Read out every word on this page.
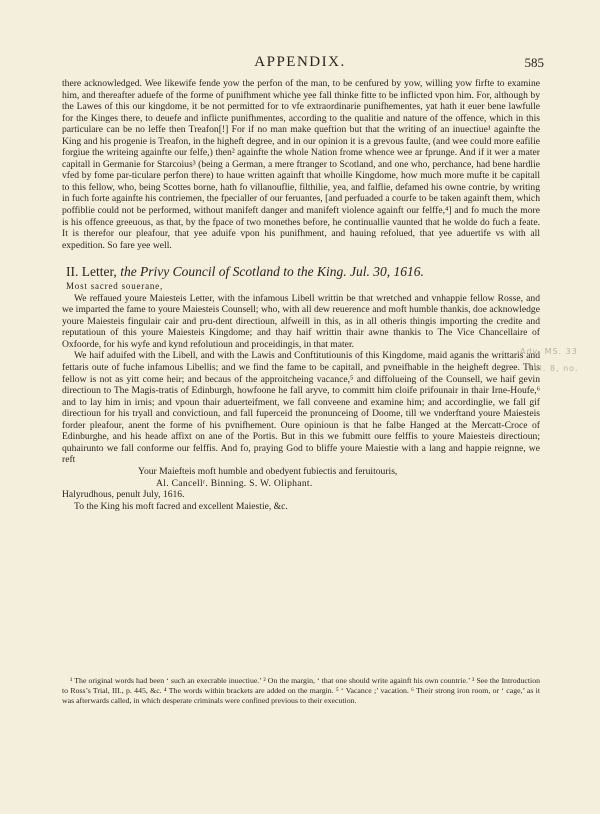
APPENDIX.	585

there acknowledged. Wee likewife fende yow the perfon of the man, to be cenfured by yow, willing yow firfte to examine him, and thereafter aduefe of the forme of punifhment whiche yee fall thinke fitte to be inflicted vpon him. For, although by the Lawes of this our kingdome, it be not permitted for to vfe extraordinarie punifhementes, yat hath it euer bene lawfulle for the Kinges there, to deuefe and inflicte punifhmentes, according to the qualitie and nature of the offence, which in this particulare can be no leffe then Treafon[!] For if no man make queftion but that the writing of an inuectiue¹ againfte the King and his progenie is Treafon, in the higheft degree, and in our opinion it is a grevous faulte, (and wee could more eafilie forgiue the writeing againfte our felfe,) then² againfte the whole Nation frome whence wee ar fprunge. And if it wer a mater capitall in Germanie for Starcoius³ (being a German, a mere ftranger to Scotland, and one who, perchance, had bene hardlie vfed by fome par-ticulare perfon there) to haue written againft that whoille Kingdome, how much more mufte it be capitall to this fellow, who, being Scottes borne, hath fo villanouflie, filthilie, yea, and falflie, defamed his owne contrie, by writing in fuch forte againfte his contriemen, the fpecialler of our feruantes, [and perfuaded a courfe to be taken againft them, which poffiblie could not be performed, without manifeft danger and manifeft violence againft our felffe,⁴] and fo much the more is his offence greeuous, as that, by the fpace of two monethes before, he continuallie vaunted that he wolde do fuch a feate. It is therefor our pleafour, that yee aduife vpon his punifhment, and hauing refolued, that yee aduertife vs with all expedition. So fare yee well.

II. Letter, the Privy Council of Scotland to the King. Jul. 30, 1616.

Most sacred souerane,

We reffaued youre Maiesteis Letter, with the infamous Libell writtin be that wretched and vnhappie fellow Rosse, and we imparted the fame to youre Maiesteis Counsell; who, with all dew reuerence and moft humble thankis, doe acknowledge youre Maiesteis fingulair cair and pru-dent directioun, alfweill in this, as in all otheris thingis importing the credite and reputatioun of this youre Maiesteis Kingdome; and thay haif writtin thair awne thankis to The Vice Chancellaire of Oxfoorde, for his wyfe and kynd refolutioun and proceidingis, in that mater.

We haif aduifed with the Libell, and with the Lawis and Conftitutiounis of this Kingdome, maid aganis the writtaris and fettaris oute of fuche infamous Libellis; and we find the fame to be capitall, and pvneifhable in the heigheft degree. This fellow is not as yitt come heir; and becaus of the approitcheing vacance,⁵ and diffolueing of the Counsell, we haif gevin directioun to The Magis-tratis of Edinburgh, howfoone he fall aryve, to committ him cloife prifounair in thair Irne-Houfe,⁶ and to lay him in irnis; and vpoun thair aduerteifment, we fall conveene and examine him; and accordinglie, we fall gif directioun for his tryall and convictioun, and fall fuperceid the pronunceing of Doome, till we vnderftand youre Maiesteis forder pleafour, anent the forme of his pvnifhement. Oure opinioun is that he falbe Hanged at the Mercatt-Croce of Edinburghe, and his heade affixt on ane of the Portis. But in this we fubmitt oure felffis to youre Maiesteis directioun; quhairunto we fall conforme our felffis. And fo, praying God to bliffe youre Maiestie with a lang and happie reignne, we reft

Your Maiefteis moft humble and obedyent fubiectis and feruitouris,

Al. Cancellʳ. Binning. S. W. Oliphant.

Halyrudhous, penult July, 1616.

To the King his moft facred and excellent Maiestie, &c.

¹ The original words had been ‘ such an execrable inuectiue.’ ² On the margin, ‘ that one should write againft his own countrie.’ ³ See the Introduction to Ross’s Trial, III., p. 445, &c. ⁴ The words within brackets are added on the margin. ⁵ ‘ Vacance ;’ vacation. ⁶ Their strong iron room, or ‘ cage,’ as it was afterwards called, in which desperate criminals were confined previous to their execution.

Adv. MS. 33
vol. 8, no.
